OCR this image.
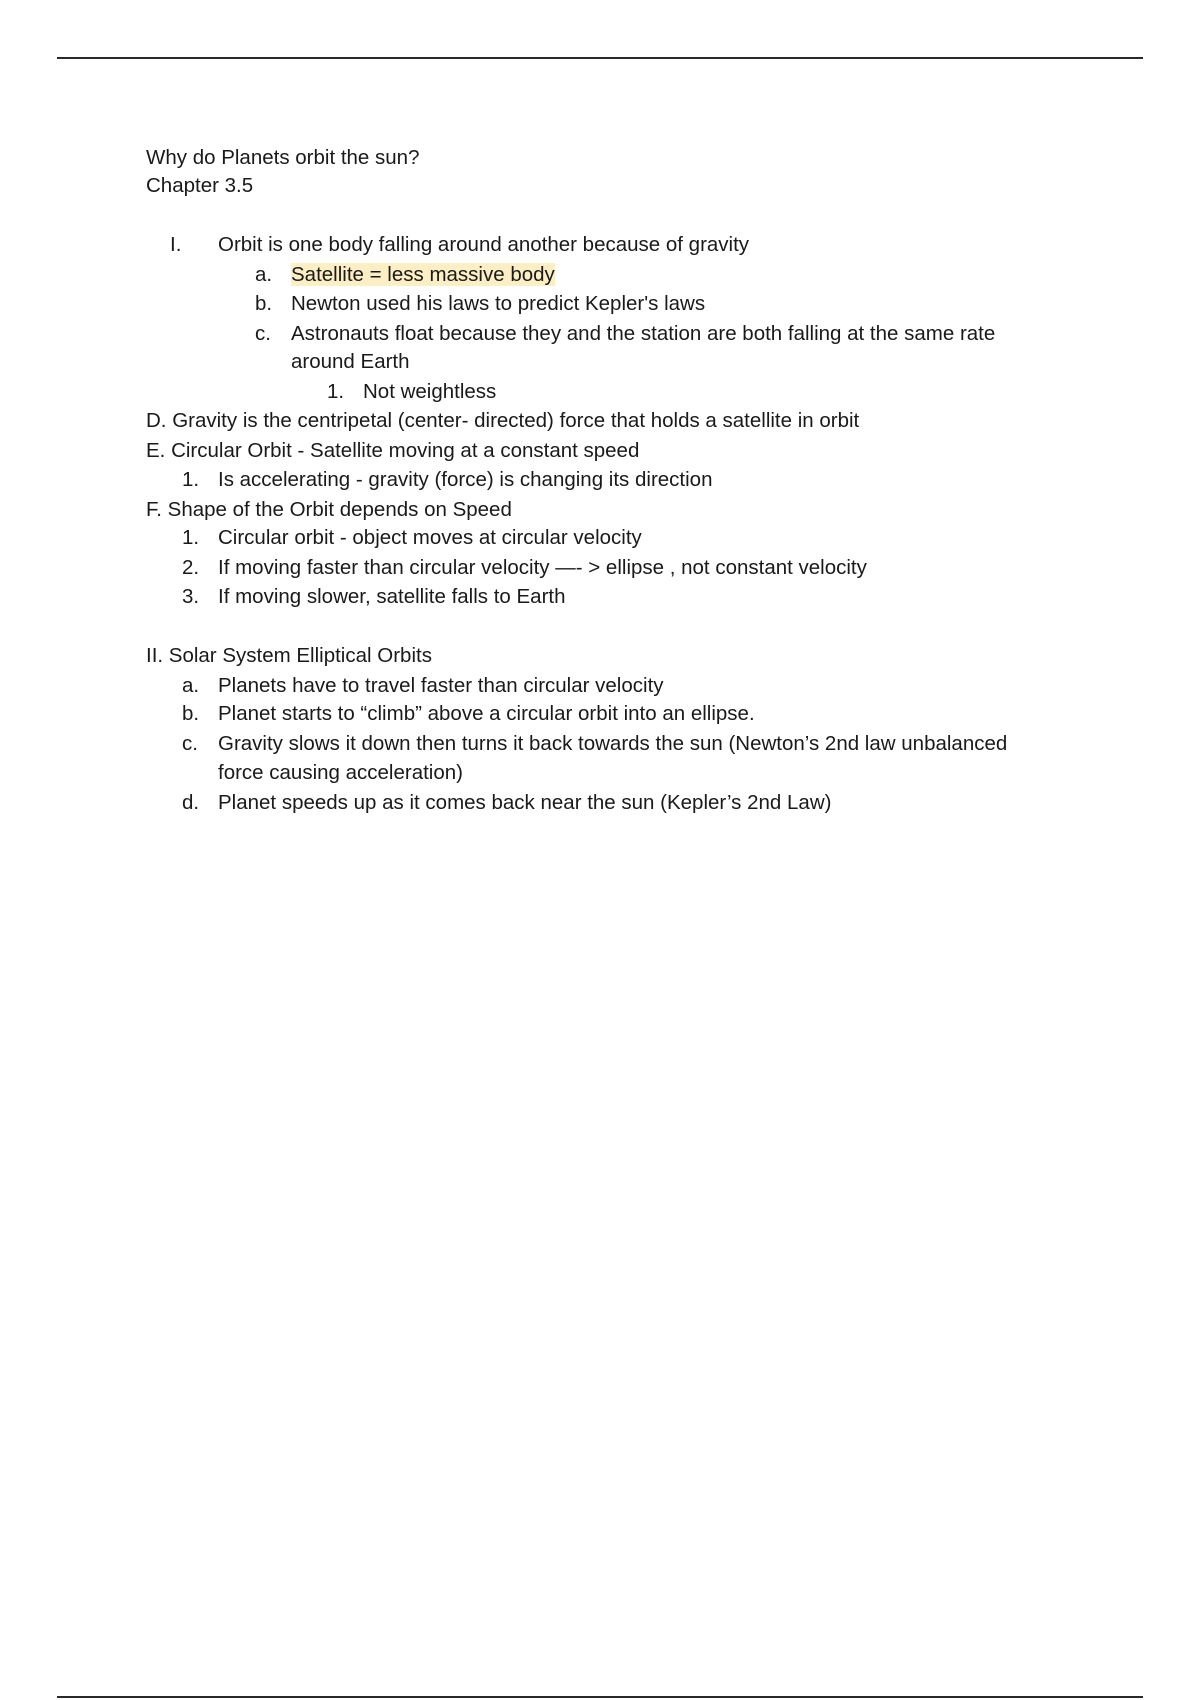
Why do Planets orbit the sun?
Chapter 3.5
I. Orbit is one body falling around another because of gravity
a. Satellite = less massive body
b. Newton used his laws to predict Kepler's laws
c. Astronauts float because they and the station are both falling at the same rate
around Earth
1. Not weightless
D. Gravity is the centripetal (center- directed) force that holds a satellite in orbit
E. Circular Orbit - Satellite moving at a constant speed
1. Is accelerating - gravity (force) is changing its direction
F. Shape of the Orbit depends on Speed
1. Circular orbit - object moves at circular velocity
2. If moving faster than circular velocity —- > ellipse , not constant velocity
3. If moving slower, satellite falls to Earth
II. Solar System Elliptical Orbits
a. Planets have to travel faster than circular velocity
b. Planet starts to “climb” above a circular orbit into an ellipse.
c. Gravity slows it down then turns it back towards the sun (Newton’s 2nd law unbalanced
force causing acceleration)
d. Planet speeds up as it comes back near the sun (Kepler’s 2nd Law)
